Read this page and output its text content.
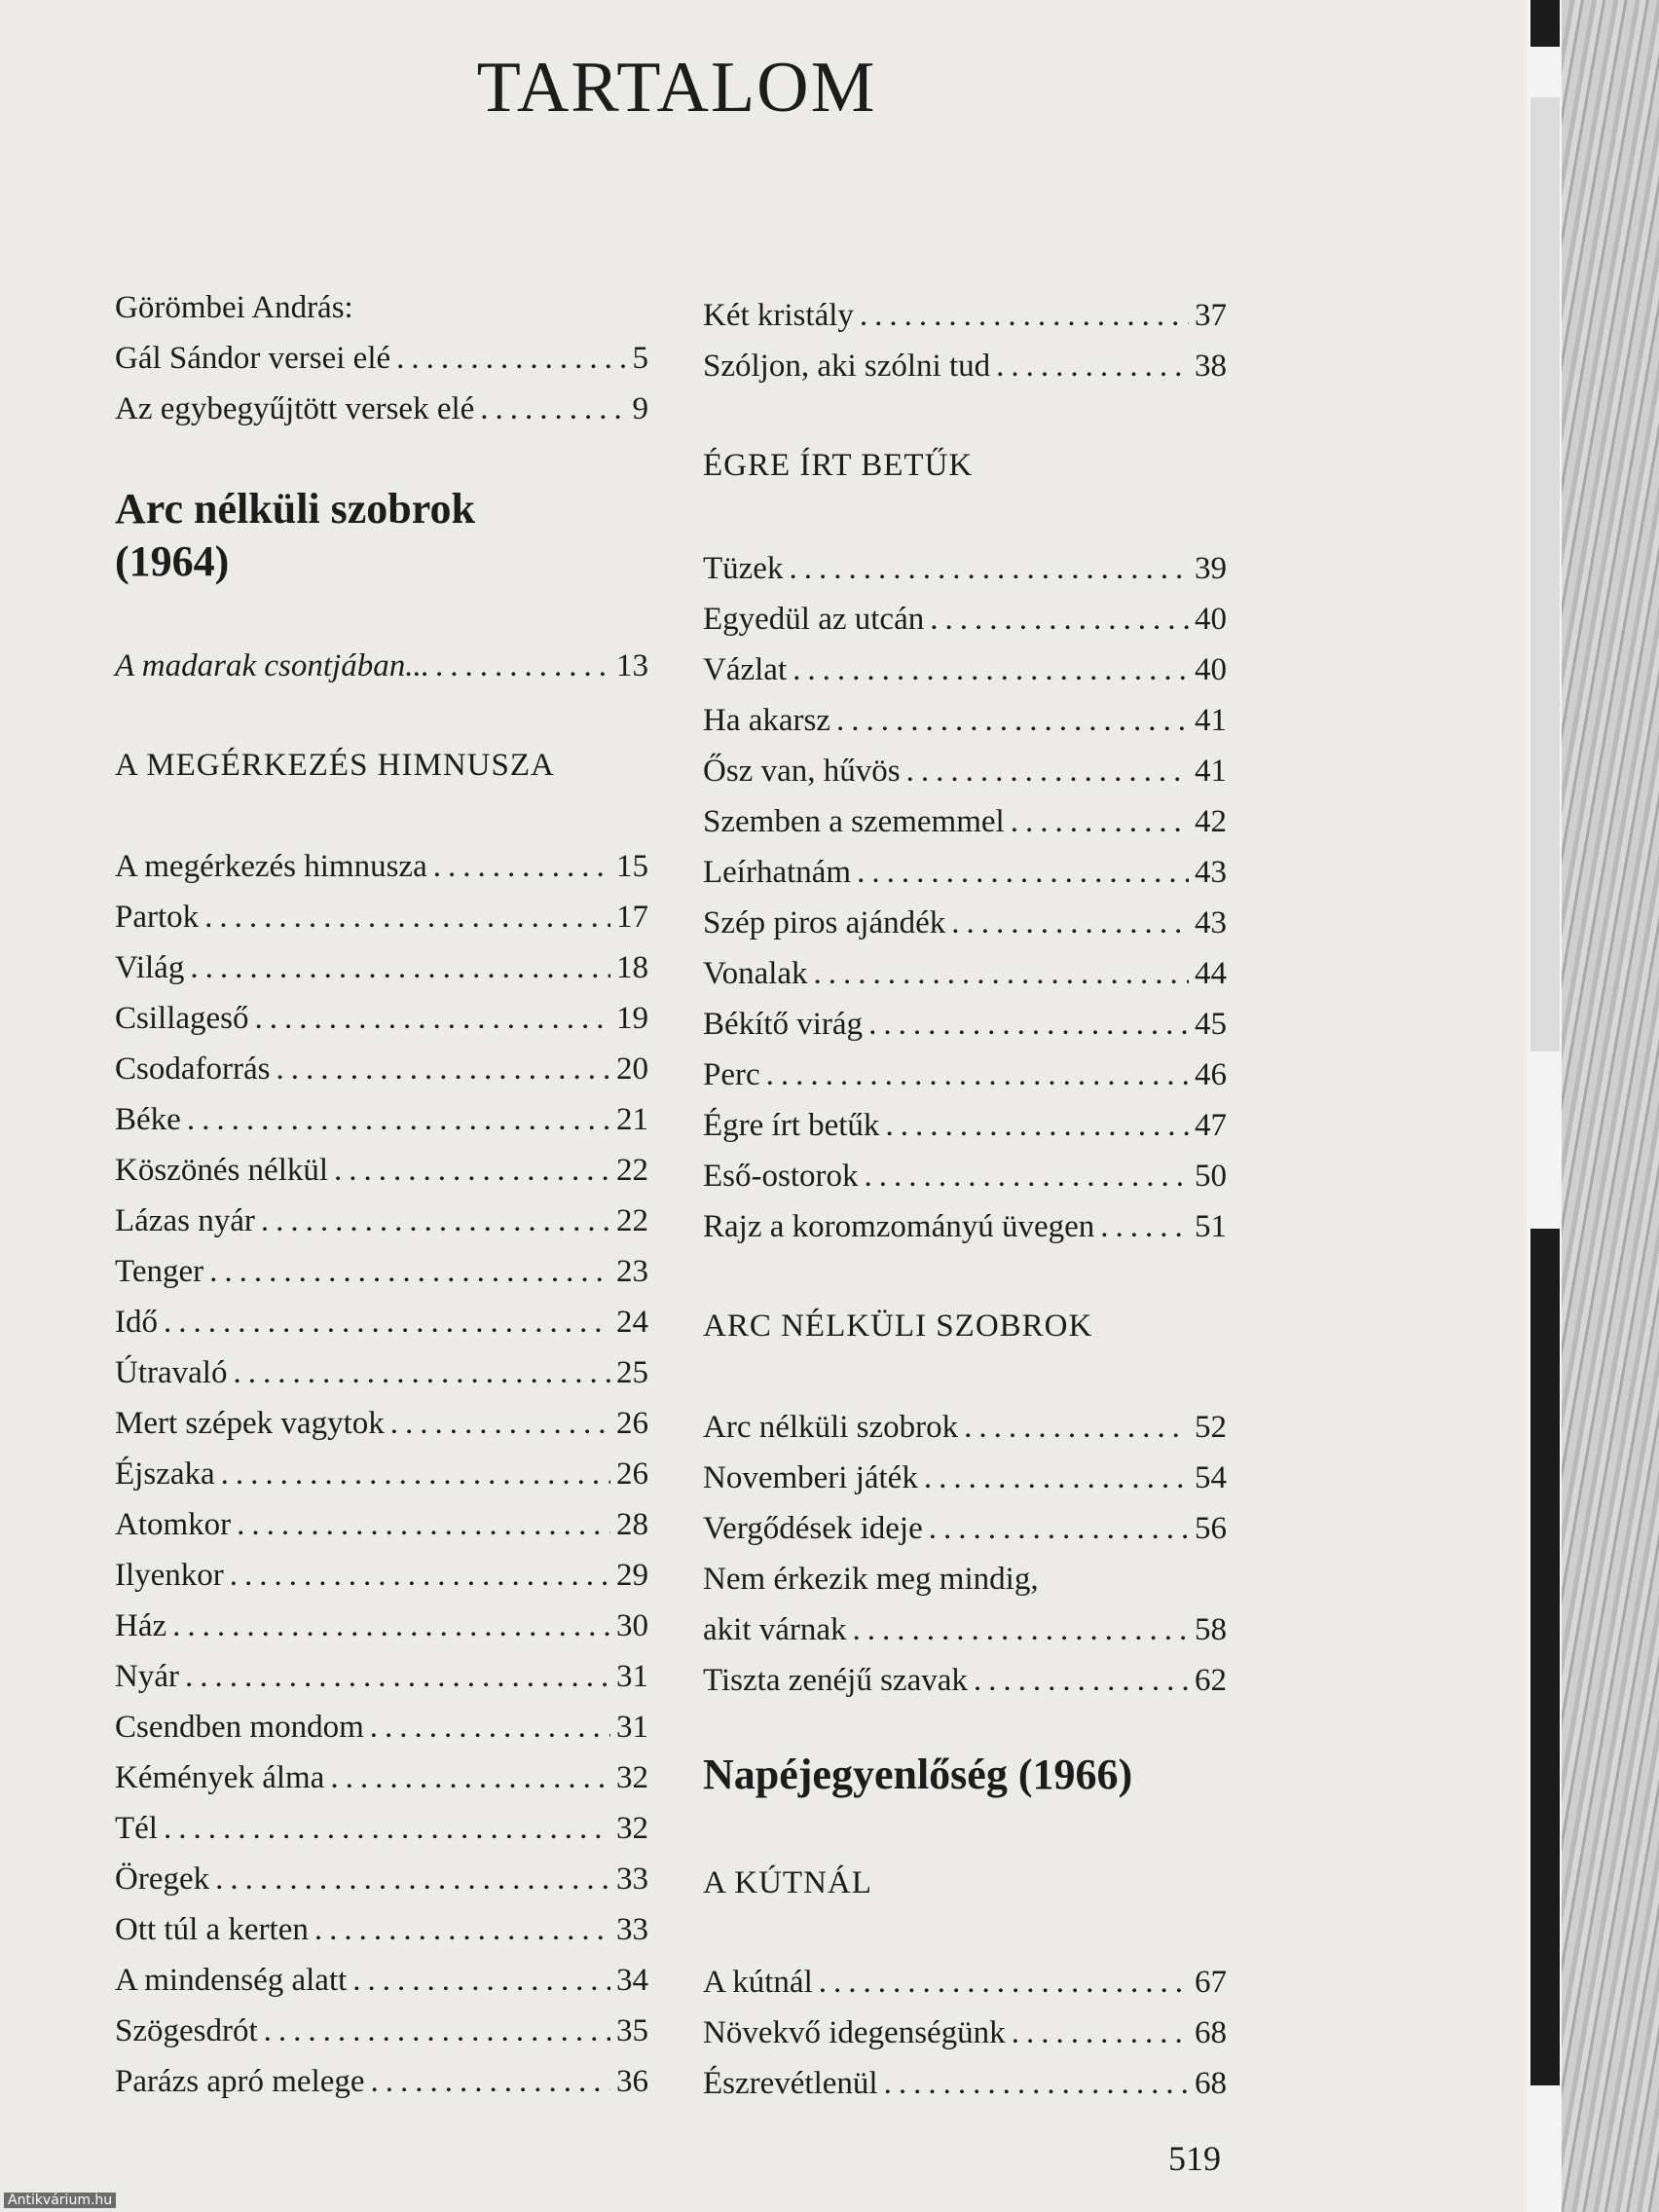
TARTALOM
Görömbei András:
Gál Sándor versei elé .....	5
Az egybegyűjtött versek elé .....	9
Arc nélküli szobrok
(1964)
A madarak csontjában... .....	13
A MEGÉRKEZÉS HIMNUSZA
A megérkezés himnusza .....	15
Partok .....	17
Világ .....	18
Csillageső .....	19
Csodaforrás .....	20
Béke .....	21
Köszönés nélkül .....	22
Lázas nyár .....	22
Tenger .....	23
Idő .....	24
Útravaló .....	25
Mert szépek vagytok .....	26
Éjszaka .....	26
Atomkor .....	28
Ilyenkor .....	29
Ház .....	30
Nyár .....	31
Csendben mondom .....	31
Kémények álma .....	32
Tél .....	32
Öregek .....	33
Ott túl a kerten .....	33
A mindenség alatt .....	34
Szögesdrót .....	35
Parázs apró melege .....	36
Két kristály .....	37
Szóljon, aki szólni tud .....	38
ÉGRE ÍRT BETŰK
Tüzek .....	39
Egyedül az utcán .....	40
Vázlat .....	40
Ha akarsz .....	41
Ősz van, hűvös .....	41
Szemben a szememmel .....	42
Leírhatnám .....	43
Szép piros ajándék .....	43
Vonalak .....	44
Békítő virág .....	45
Perc .....	46
Égre írt betűk .....	47
Eső-ostorok .....	50
Rajz a koromzományú üvegen .....	51
ARC NÉLKÜLI SZOBROK
Arc nélküli szobrok .....	52
Novemberi játék .....	54
Vergődések ideje .....	56
Nem érkezik meg mindig,
akit várnak .....	58
Tiszta zenéjű szavak .....	62
Napéjegyenlőség (1966)
A KÚTNÁL
A kútnál .....	67
Növekvő idegenségünk .....	68
Észrevétlenül .....	68
519
Antikvárium.hu
